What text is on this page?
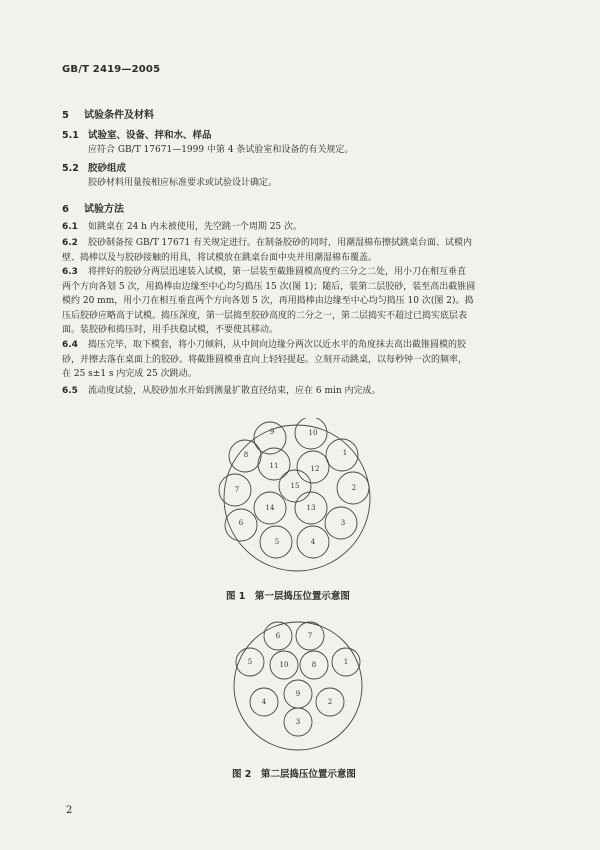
GB/T 2419—2005
5 试验条件及材料
5.1 试验室、设备、拌和水、样品
应符合 GB/T 17671—1999 中第 4 条试验室和设备的有关规定。
5.2 胶砂组成
胶砂材料用量按相应标准要求或试验设计确定。
6 试验方法
6.1 如跳桌在 24 h 内未被使用，先空跳一个周期 25 次。
6.2 胶砂制备按 GB/T 17671 有关规定进行。在制备胶砂的同时，用潮湿棉布擦拭跳桌台面、试模内
壁、捣棒以及与胶砂接触的用具，将试模放在跳桌台面中央并用潮湿棉布覆盖。
6.3 将拌好的胶砂分两层迅速装入试模，第一层装至截锥圆模高度约三分之二处，用小刀在相互垂直
两个方向各划 5 次，用捣棒由边缘至中心均匀捣压 15 次(图 1)；随后，装第二层胶砂，装至高出截锥圆
模约 20 mm，用小刀在相互垂直两个方向各划 5 次，再用捣棒由边缘至中心均匀捣压 10 次(图 2)。捣
压后胶砂应略高于试模。捣压深度，第一层捣至胶砂高度的二分之一，第二层捣实不超过已捣实底层表
面。装胶砂和捣压时，用手扶稳试模，不要使其移动。
6.4 捣压完毕，取下模套，将小刀倾斜，从中间向边缘分两次以近水平的角度抹去高出截锥圆模的胶
砂，并擦去落在桌面上的胶砂。将截锥圆模垂直向上轻轻提起。立刻开动跳桌，以每秒钟一次的频率，
在 25 s±1 s 内完成 25 次跳动。
6.5 流动度试验，从胶砂加水开始到测量扩散直径结束，应在 6 min 内完成。
9	10
8
11	12
1
7	15	2
14	13
6	3
5	4
图 1　第一层捣压位置示意图
6	7
5	10	8	1
9
4	2
3
图 2　第二层捣压位置示意图
2
